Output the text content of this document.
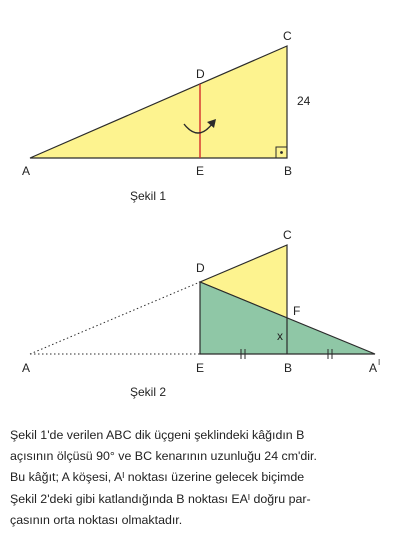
A	E	B
C
D
24
Şekil 1
A	E	B	A I
C
D
F
x
Şekil 2

Şekil 1'de verilen ABC dik üçgeni şeklindeki kâğıdın B
açısının ölçüsü 90° ve BC kenarının uzunluğu 24 cm'dir.
Bu kâğıt; A köşesi, Aᴵ noktası üzerine gelecek biçimde
Şekil 2'deki gibi katlandığında B noktası EAᴵ doğru par-
çasının orta noktası olmaktadır.
